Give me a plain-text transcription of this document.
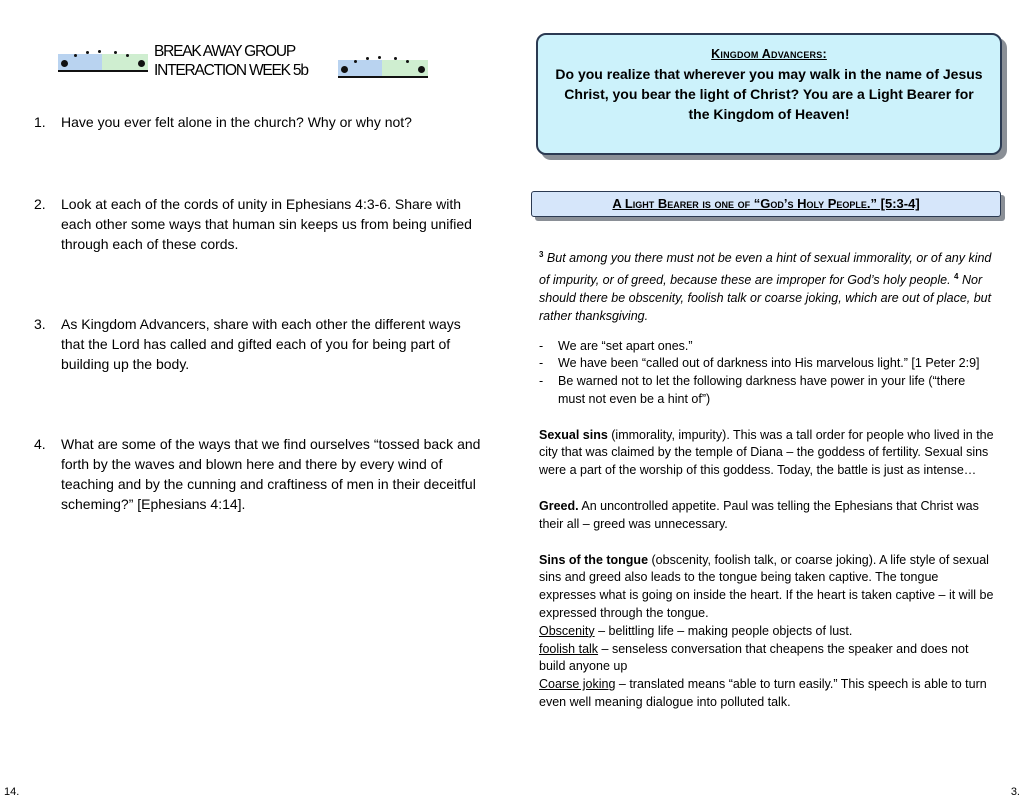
BREAK AWAY GROUP
INTERACTION WEEK 5b
1. Have you ever felt alone in the church? Why or why not?
2. Look at each of the cords of unity in Ephesians 4:3-6. Share with each other some ways that human sin keeps us from being unified through each of these cords.
3. As Kingdom Advancers, share with each other the different ways that the Lord has called and gifted each of you for being part of building up the body.
4. What are some of the ways that we find ourselves “tossed back and forth by the waves and blown here and there by every wind of teaching and by the cunning and craftiness of men in their deceitful scheming?” [Ephesians 4:14].
14.
Kingdom Advancers:
Do you realize that wherever you may walk in the name of Jesus Christ, you bear the light of Christ? You are a Light Bearer for the Kingdom of Heaven!
A Light Bearer is one of “God’s Holy People.” [5:3-4]

$^3$ But among you there must not be even a hint of sexual immorality, or of any kind of impurity, or of greed, because these are improper for God’s holy people. $^4$ Nor should there be obscenity, foolish talk or coarse joking, which are out of place, but rather thanksgiving.

- We are “set apart ones.”
- We have been “called out of darkness into His marvelous light.” [1 Peter 2:9]
- Be warned not to let the following darkness have power in your life (“there must not even be a hint of”)

Sexual sins (immorality, impurity). This was a tall order for people who lived in the city that was claimed by the temple of Diana – the goddess of fertility. Sexual sins were a part of the worship of this goddess. Today, the battle is just as intense…

Greed. An uncontrolled appetite. Paul was telling the Ephesians that Christ was their all – greed was unnecessary.

Sins of the tongue (obscenity, foolish talk, or coarse joking). A life style of sexual sins and greed also leads to the tongue being taken captive. The tongue expresses what is going on inside the heart. If the heart is taken captive – it will be expressed through the tongue.

Obscenity – belittling life – making people objects of lust.

foolish talk – senseless conversation that cheapens the speaker and does not build anyone up

Coarse joking – translated means “able to turn easily.” This speech is able to turn even well meaning dialogue into polluted talk.

3.
